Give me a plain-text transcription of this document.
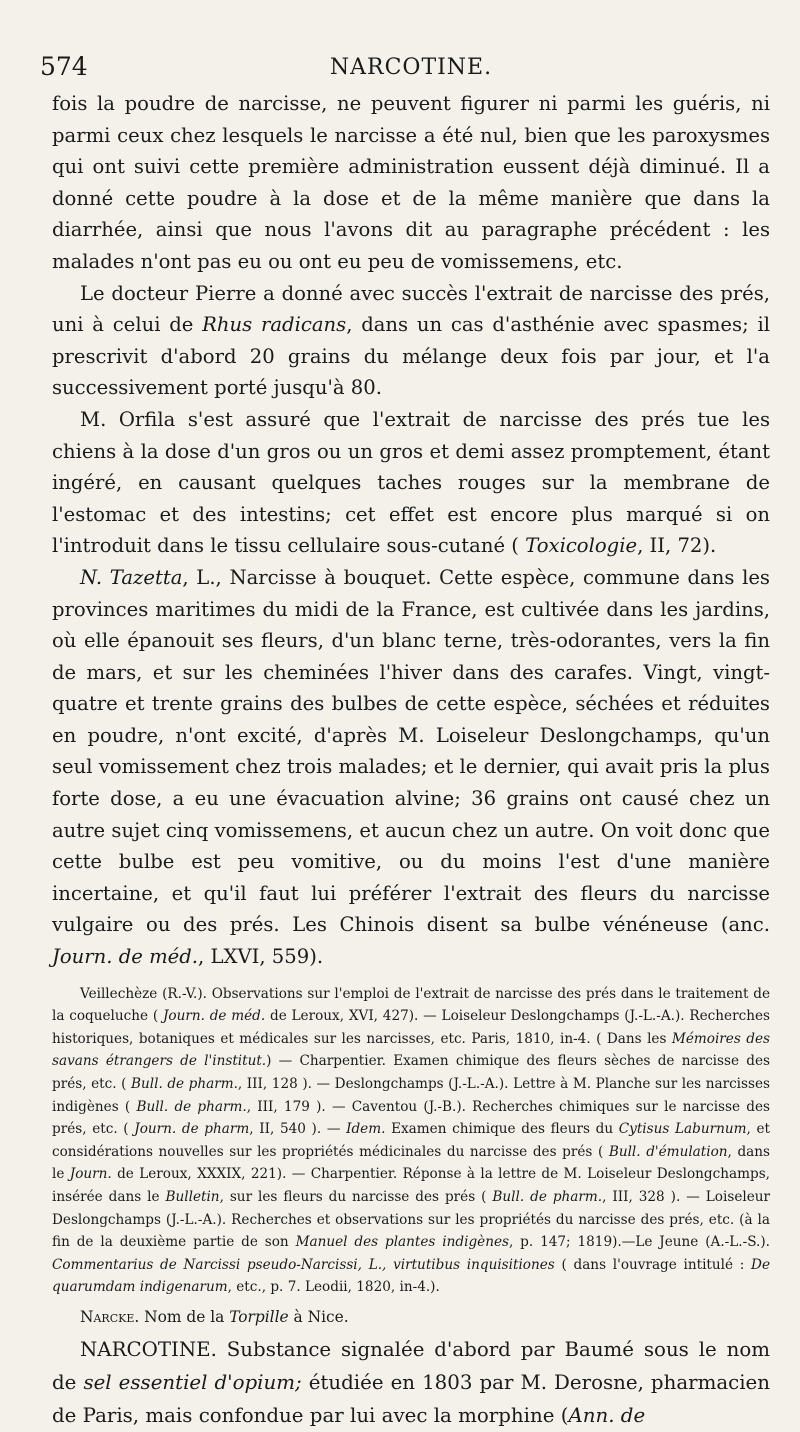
574	NARCOTINE.

fois la poudre de narcisse, ne peuvent figurer ni parmi les guéris, ni parmi ceux chez lesquels le narcisse a été nul, bien que les paroxysmes qui ont suivi cette première administration eussent déjà diminué. Il a donné cette poudre à la dose et de la même manière que dans la diarrhée, ainsi que nous l'avons dit au paragraphe précédent : les malades n'ont pas eu ou ont eu peu de vomissemens, etc.

Le docteur Pierre a donné avec succès l'extrait de narcisse des prés, uni à celui de Rhus radicans, dans un cas d'asthénie avec spasmes; il prescrivit d'abord 20 grains du mélange deux fois par jour, et l'a successivement porté jusqu'à 80.

M. Orfila s'est assuré que l'extrait de narcisse des prés tue les chiens à la dose d'un gros ou un gros et demi assez promptement, étant ingéré, en causant quelques taches rouges sur la membrane de l'estomac et des intestins; cet effet est encore plus marqué si on l'introduit dans le tissu cellulaire sous-cutané ( Toxicologie, II, 72).

N. Tazetta, L., Narcisse à bouquet. Cette espèce, commune dans les provinces maritimes du midi de la France, est cultivée dans les jardins, où elle épanouit ses fleurs, d'un blanc terne, très-odorantes, vers la fin de mars, et sur les cheminées l'hiver dans des carafes. Vingt, vingt-quatre et trente grains des bulbes de cette espèce, séchées et réduites en poudre, n'ont excité, d'après M. Loiseleur Deslongchamps, qu'un seul vomissement chez trois malades; et le dernier, qui avait pris la plus forte dose, a eu une évacuation alvine; 36 grains ont causé chez un autre sujet cinq vomissemens, et aucun chez un autre. On voit donc que cette bulbe est peu vomitive, ou du moins l'est d'une manière incertaine, et qu'il faut lui préférer l'extrait des fleurs du narcisse vulgaire ou des prés. Les Chinois disent sa bulbe vénéneuse (anc. Journ. de méd., LXVI, 559).

Veillechèze (R.-V.). Observations sur l'emploi de l'extrait de narcisse des prés dans le traitement de la coqueluche ( Journ. de méd. de Leroux, XVI, 427). — Loiseleur Deslongchamps (J.-L.-A.). Recherches historiques, botaniques et médicales sur les narcisses, etc. Paris, 1810, in-4. ( Dans les Mémoires des savans étrangers de l'institut.) — Charpentier. Examen chimique des fleurs sèches de narcisse des prés, etc. ( Bull. de pharm., III, 128 ). — Deslongchamps (J.-L.-A.). Lettre à M. Planche sur les narcisses indigènes ( Bull. de pharm., III, 179 ). — Caventou (J.-B.). Recherches chimiques sur le narcisse des prés, etc. ( Journ. de pharm, II, 540 ). — Idem. Examen chimique des fleurs du Cytisus Laburnum, et considérations nouvelles sur les propriétés médicinales du narcisse des prés ( Bull. d'émulation, dans le Journ. de Leroux, XXXIX, 221). — Charpentier. Réponse à la lettre de M. Loiseleur Deslongchamps, insérée dans le Bulletin, sur les fleurs du narcisse des prés ( Bull. de pharm., III, 328 ). — Loiseleur Deslongchamps (J.-L.-A.). Recherches et observations sur les propriétés du narcisse des prés, etc. (à la fin de la deuxième partie de son Manuel des plantes indigènes, p. 147; 1819).—Le Jeune (A.-L.-S.). Commentarius de Narcissi pseudo-Narcissi, L., virtutibus inquisitiones ( dans l'ouvrage intitulé : De quarumdam indigenarum, etc., p. 7. Leodii, 1820, in-4.).

Narcke. Nom de la Torpille à Nice.

NARCOTINE. Substance signalée d'abord par Baumé sous le nom de sel essentiel d'opium; étudiée en 1803 par M. Derosne, pharmacien de Paris, mais confondue par lui avec la morphine (Ann. de
